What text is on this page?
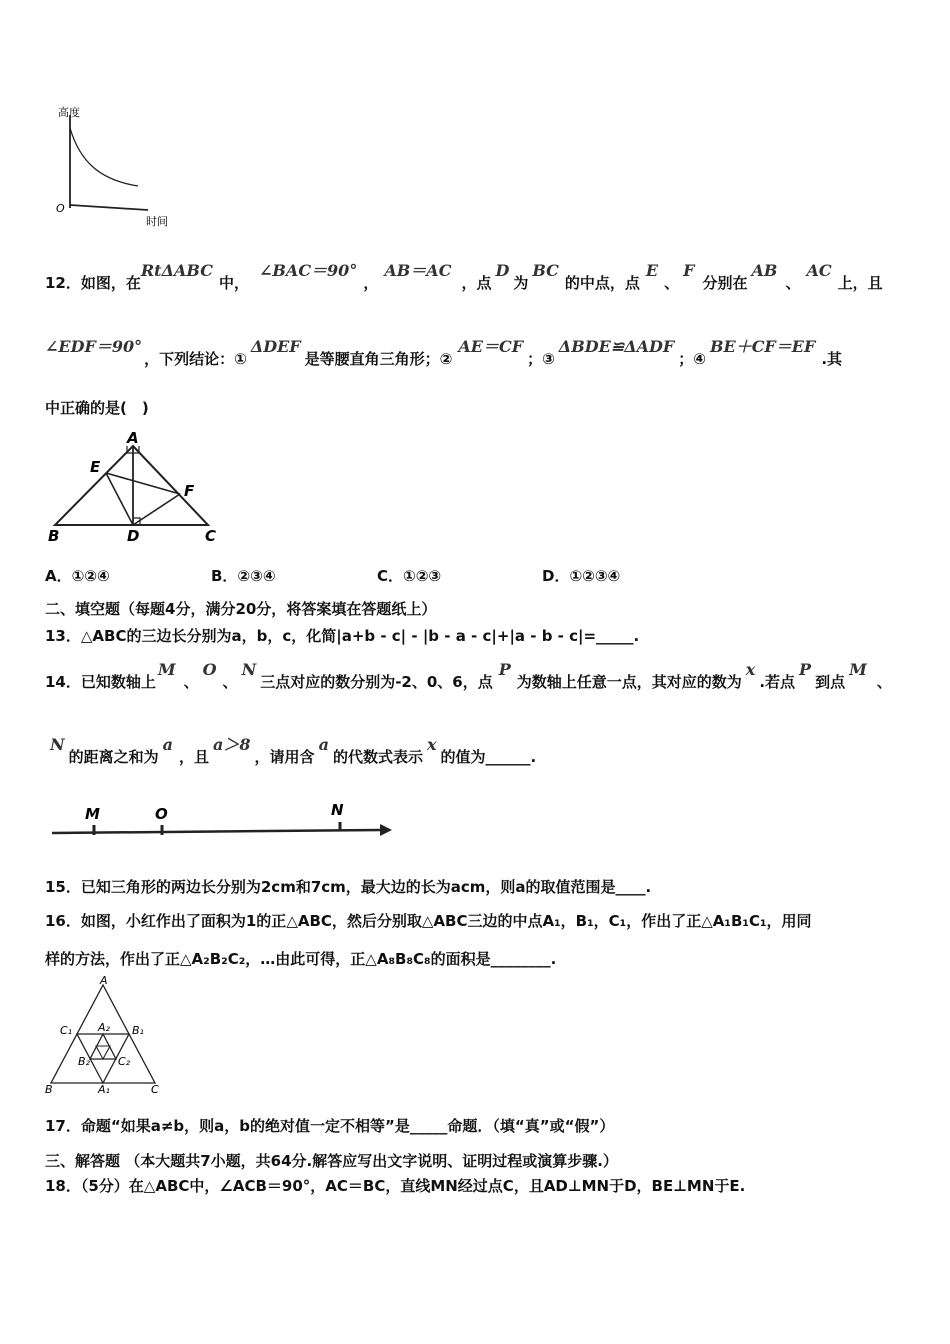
高度
时间
O
12．如图，在RtΔABC中，∠BAC＝90°，AB＝AC，点D为BC的中点，点E、F分别在AB、AC上，且
∠EDF＝90°，下列结论：①ΔDEF是等腰直角三角形；②AE＝CF；③ΔBDE≌ΔADF；④BE＋CF＝EF.其
中正确的是(　)
A
E
F
B	D	C
A．①②④	B．②③④	C．①②③	D．①②③④
二、填空题（每题4分，满分20分，将答案填在答题纸上）
13．△ABC的三边长分别为a，b，c，化简|a+b - c| - |b - a - c|+|a - b - c|=_____.
14．已知数轴上M、O、N三点对应的数分别为-2、0、6，点P为数轴上任意一点，其对应的数为x.若点P到点M、
N的距离之和为a，且a＞8，请用含a的代数式表示x的值为______.
M	O	N
15．已知三角形的两边长分别为2cm和7cm，最大边的长为acm，则a的取值范围是____.
16．如图，小红作出了面积为1的正△ABC，然后分别取△ABC三边的中点A₁，B₁，C₁，作出了正△A₁B₁C₁，用同
样的方法，作出了正△A₂B₂C₂，…由此可得，正△A₈B₈C₈的面积是________.
A
C₁	B₁
A₂
B₂	C₂
B	A₁	C
17．命题“如果a≠b，则a，b的绝对值一定不相等”是_____命题．（填“真”或“假”）
三、解答题 （本大题共7小题，共64分.解答应写出文字说明、证明过程或演算步骤.）
18．（5分）在△ABC中，∠ACB＝90°，AC＝BC，直线MN经过点C，且AD⊥MN于D，BE⊥MN于E.
